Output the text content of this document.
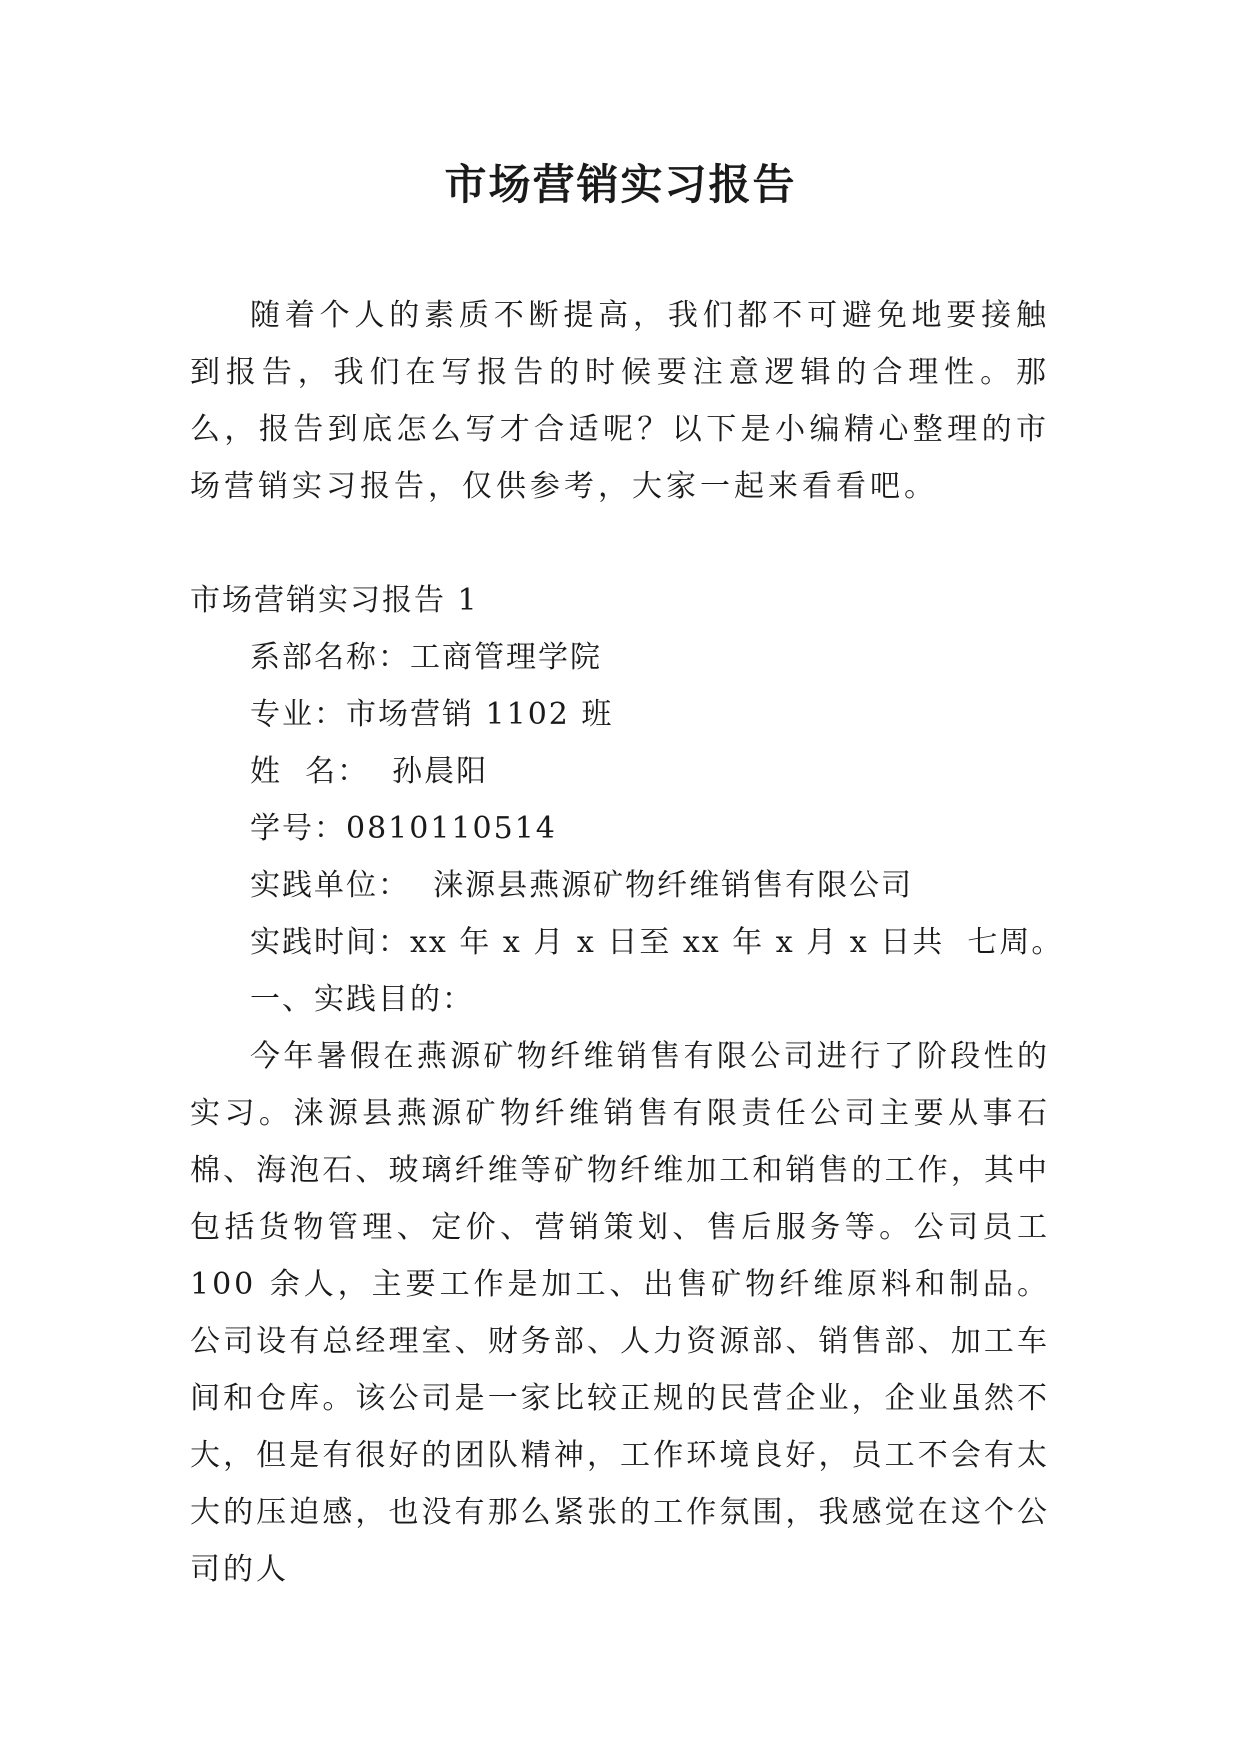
市场营销实习报告

随着个人的素质不断提高，我们都不可避免地要接触到报告，我们在写报告的时候要注意逻辑的合理性。那么，报告到底怎么写才合适呢？以下是小编精心整理的市场营销实习报告，仅供参考，大家一起来看看吧。

市场营销实习报告 1

系部名称：工商管理学院

专业：市场营销 1102 班

姓  名：  孙晨阳

学号：0810110514

实践单位：  涞源县燕源矿物纤维销售有限公司

实践时间：xx 年 x 月 x 日至 xx 年 x 月 x 日共  七周。

一、实践目的：

今年暑假在燕源矿物纤维销售有限公司进行了阶段性的实习。涞源县燕源矿物纤维销售有限责任公司主要从事石棉、海泡石、玻璃纤维等矿物纤维加工和销售的工作，其中包括货物管理、定价、营销策划、售后服务等。公司员工 100 余人，主要工作是加工、出售矿物纤维原料和制品。公司设有总经理室、财务部、人力资源部、销售部、加工车间和仓库。该公司是一家比较正规的民营企业，企业虽然不大，但是有很好的团队精神，工作环境良好，员工不会有太大的压迫感，也没有那么紧张的工作氛围，我感觉在这个公司的人
